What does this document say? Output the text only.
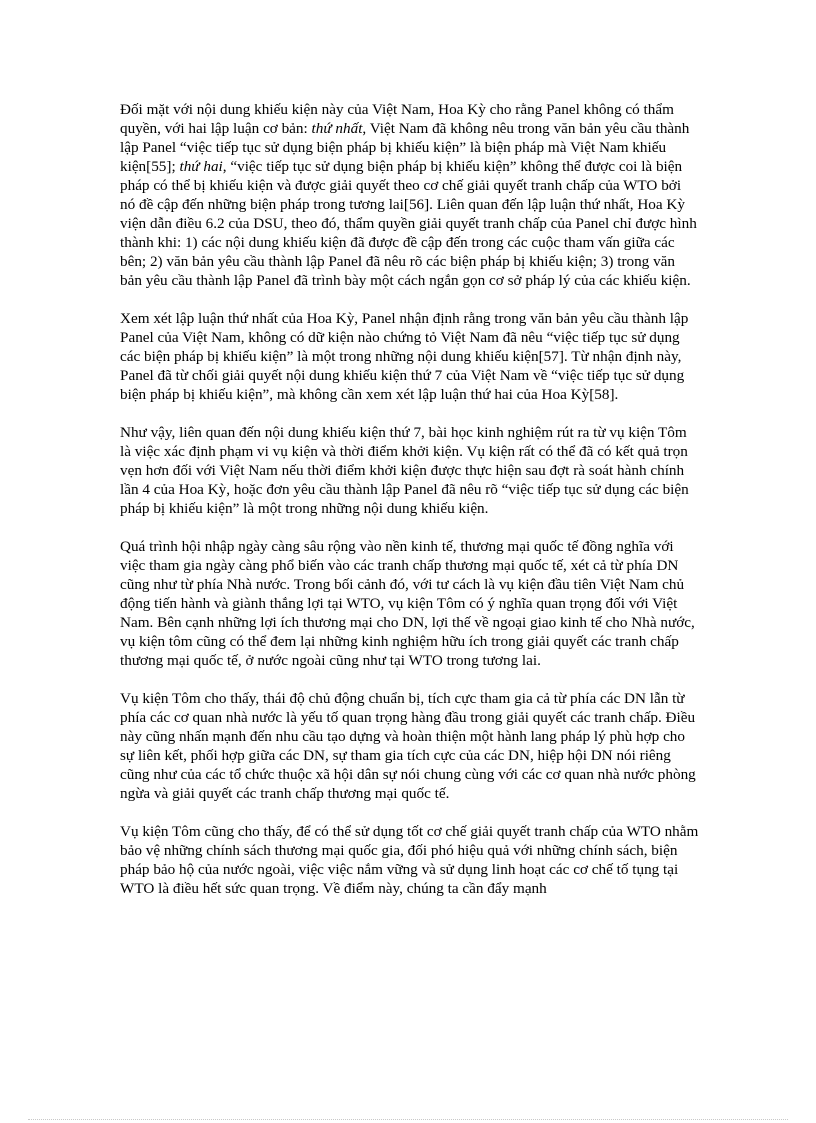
Đối mặt với nội dung khiếu kiện này của Việt Nam, Hoa Kỳ cho rằng Panel không có thẩm quyền, với hai lập luận cơ bản: thứ nhất, Việt Nam đã không nêu trong văn bản yêu cầu thành lập Panel “việc tiếp tục sử dụng biện pháp bị khiếu kiện” là biện pháp mà Việt Nam khiếu kiện[55]; thứ hai, “việc tiếp tục sử dụng biện pháp bị khiếu kiện” không thể được coi là biện pháp có thể bị khiếu kiện và được giải quyết theo cơ chế giải quyết tranh chấp của WTO bởi nó đề cập đến những biện pháp trong tương lai[56]. Liên quan đến lập luận thứ nhất, Hoa Kỳ viện dẫn điều 6.2 của DSU, theo đó, thẩm quyền giải quyết tranh chấp của Panel chỉ được hình thành khi: 1) các nội dung khiếu kiện đã được đề cập đến trong các cuộc tham vấn giữa các bên; 2) văn bản yêu cầu thành lập Panel đã nêu rõ các biện pháp bị khiếu kiện; 3) trong văn bản yêu cầu thành lập Panel đã trình bày một cách ngắn gọn cơ sở pháp lý của các khiếu kiện.

Xem xét lập luận thứ nhất của Hoa Kỳ, Panel nhận định rằng trong văn bản yêu cầu thành lập Panel của Việt Nam, không có dữ kiện nào chứng tỏ Việt Nam đã nêu “việc tiếp tục sử dụng các biện pháp bị khiếu kiện” là một trong những nội dung khiếu kiện[57]. Từ nhận định này, Panel đã từ chối giải quyết nội dung khiếu kiện thứ 7 của Việt Nam về “việc tiếp tục sử dụng biện pháp bị khiếu kiện”, mà không cần xem xét lập luận thứ hai của Hoa Kỳ[58].

Như vậy, liên quan đến nội dung khiếu kiện thứ 7, bài học kinh nghiệm rút ra từ vụ kiện Tôm là việc xác định phạm vi vụ kiện và thời điểm khởi kiện. Vụ kiện rất có thể đã có kết quả trọn vẹn hơn đối với Việt Nam nếu thời điểm khởi kiện được thực hiện sau đợt rà soát hành chính lần 4 của Hoa Kỳ, hoặc đơn yêu cầu thành lập Panel đã nêu rõ “việc tiếp tục sử dụng các biện pháp bị khiếu kiện” là một trong những nội dung khiếu kiện.

Quá trình hội nhập ngày càng sâu rộng vào nền kinh tế, thương mại quốc tế đồng nghĩa với việc tham gia ngày càng phổ biến vào các tranh chấp thương mại quốc tế, xét cả từ phía DN cũng như từ phía Nhà nước. Trong bối cảnh đó, với tư cách là vụ kiện đầu tiên Việt Nam chủ động tiến hành và giành thắng lợi tại WTO, vụ kiện Tôm có ý nghĩa quan trọng đối với Việt Nam. Bên cạnh những lợi ích thương mại cho DN, lợi thế về ngoại giao kinh tế cho Nhà nước, vụ kiện tôm cũng có thể đem lại những kinh nghiệm hữu ích trong giải quyết các tranh chấp thương mại quốc tế, ở nước ngoài cũng như tại WTO trong tương lai.

Vụ kiện Tôm cho thấy, thái độ chủ động chuẩn bị, tích cực tham gia cả từ phía các DN lẫn từ phía các cơ quan nhà nước là yếu tố quan trọng hàng đầu trong giải quyết các tranh chấp. Điều này cũng nhấn mạnh đến nhu cầu tạo dựng và hoàn thiện một hành lang pháp lý phù hợp cho sự liên kết, phối hợp giữa các DN, sự tham gia tích cực của các DN, hiệp hội DN nói riêng cũng như của các tổ chức thuộc xã hội dân sự nói chung cùng với các cơ quan nhà nước phòng ngừa và giải quyết các tranh chấp thương mại quốc tế.

Vụ kiện Tôm cũng cho thấy, để có thể sử dụng tốt cơ chế giải quyết tranh chấp của WTO nhằm bảo vệ những chính sách thương mại quốc gia, đối phó hiệu quả với những chính sách, biện pháp bảo hộ của nước ngoài, việc việc nắm vững và sử dụng linh hoạt các cơ chế tố tụng tại WTO là điều hết sức quan trọng. Về điểm này, chúng ta cần đẩy mạnh
